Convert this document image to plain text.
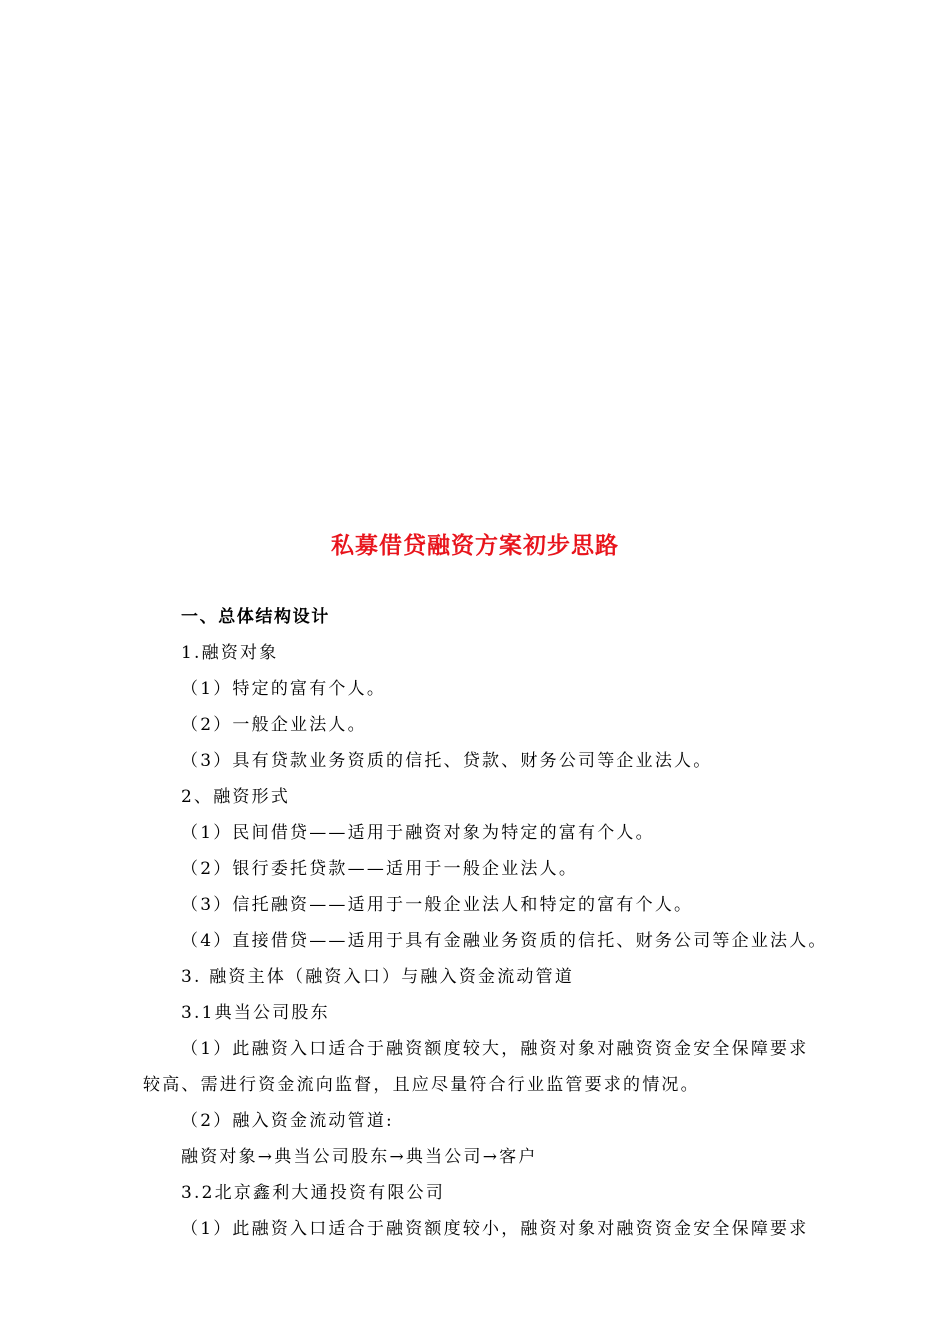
私募借贷融资方案初步思路
一、总体结构设计
1.融资对象
（1）特定的富有个人。
（2）一般企业法人。
（3）具有贷款业务资质的信托、贷款、财务公司等企业法人。
2、融资形式
（1）民间借贷——适用于融资对象为特定的富有个人。
（2）银行委托贷款——适用于一般企业法人。
（3）信托融资——适用于一般企业法人和特定的富有个人。
（4）直接借贷——适用于具有金融业务资质的信托、财务公司等企业法人。
3. 融资主体（融资入口）与融入资金流动管道
3.1典当公司股东
（1）此融资入口适合于融资额度较大，融资对象对融资资金安全保障要求
较高、需进行资金流向监督，且应尽量符合行业监管要求的情况。
（2）融入资金流动管道:
融资对象→典当公司股东→典当公司→客户
3.2北京鑫利大通投资有限公司
（1）此融资入口适合于融资额度较小，融资对象对融资资金安全保障要求
